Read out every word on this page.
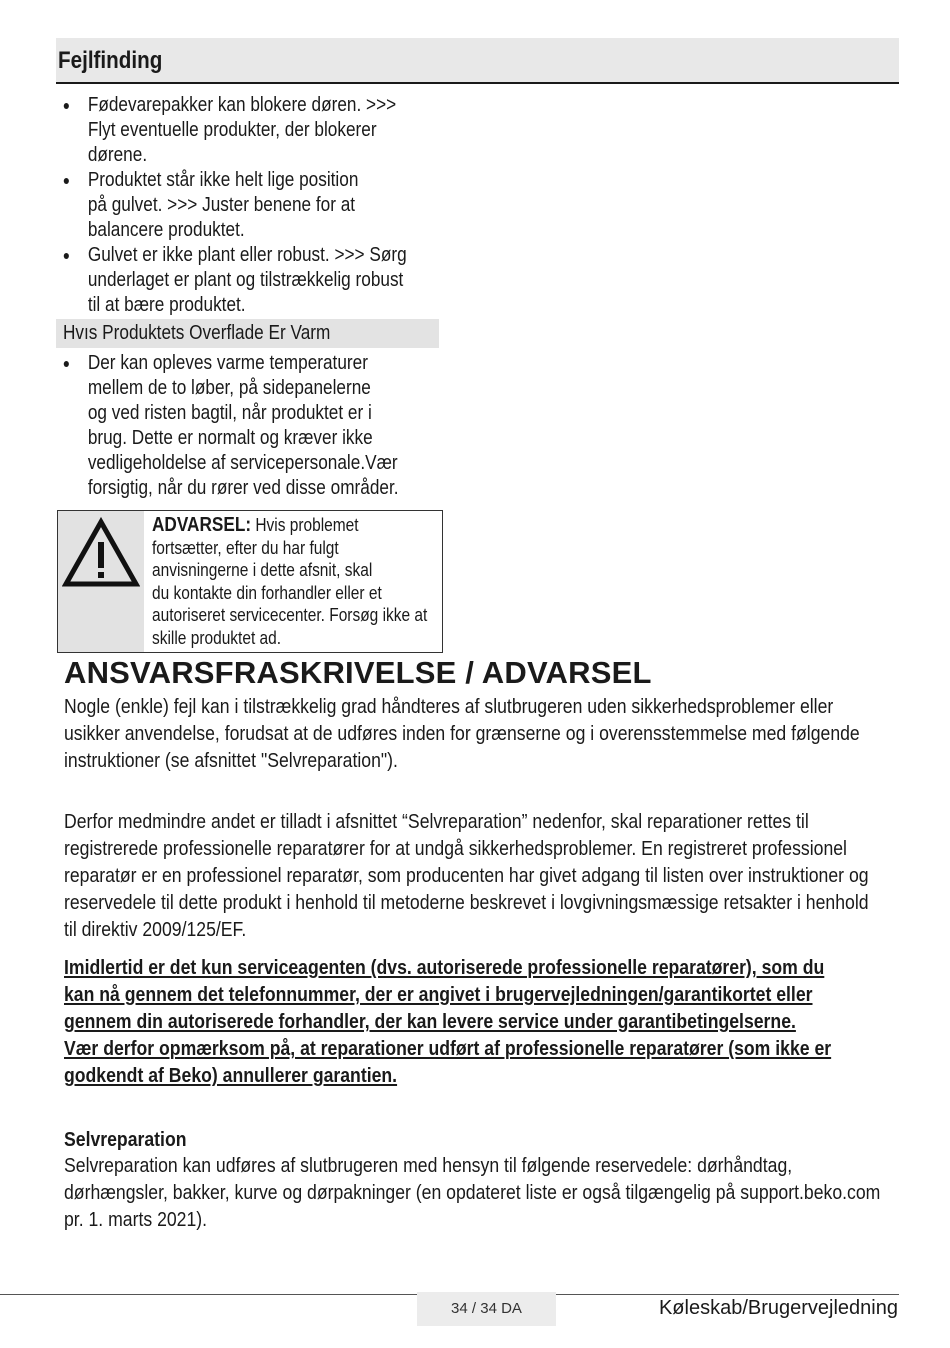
Fejlfinding
Fødevarepakker kan blokere døren. >>>
Flyt eventuelle produkter, der blokerer
dørene.
Produktet står ikke helt lige position
på gulvet. >>> Juster benene for at
balancere produktet.
Gulvet er ikke plant eller robust. >>> Sørg
underlaget er plant og tilstrækkelig robust
til at bære produktet.
Hvıs Produktets Overflade Er Varm
Der kan opleves varme temperaturer
mellem de to løber, på sidepanelerne
og ved risten bagtil, når produktet er i
brug. Dette er normalt og kræver ikke
vedligeholdelse af servicepersonale.Vær
forsigtig, når du rører ved disse områder.
ADVARSEL: Hvis problemet
fortsætter, efter du har fulgt
anvisningerne i dette afsnit, skal
du kontakte din forhandler eller et
autoriseret servicecenter. Forsøg ikke at
skille produktet ad.
ANSVARSFRASKRIVELSE / ADVARSEL
Nogle (enkle) fejl kan i tilstrækkelig grad håndteres af slutbrugeren uden sikkerhedsproblemer eller
usikker anvendelse, forudsat at de udføres inden for grænserne og i overensstemmelse med følgende
instruktioner (se afsnittet "Selvreparation").
Derfor medmindre andet er tilladt i afsnittet “Selvreparation” nedenfor, skal reparationer rettes til
registrerede professionelle reparatører for at undgå sikkerhedsproblemer. En registreret professionel
reparatør er en professionel reparatør, som producenten har givet adgang til listen over instruktioner og
reservedele til dette produkt i henhold til metoderne beskrevet i lovgivningsmæssige retsakter i henhold
til direktiv 2009/125/EF.
Imidlertid er det kun serviceagenten (dvs. autoriserede professionelle reparatører), som du
kan nå gennem det telefonnummer, der er angivet i brugervejledningen/garantikortet eller
gennem din autoriserede forhandler, der kan levere service under garantibetingelserne.
Vær derfor opmærksom på, at reparationer udført af professionelle reparatører (som ikke er
godkendt af Beko) annullerer garantien.
Selvreparation
Selvreparation kan udføres af slutbrugeren med hensyn til følgende reservedele: dørhåndtag,
dørhængsler, bakker, kurve og dørpakninger (en opdateret liste er også tilgængelig på support.beko.com
pr. 1. marts 2021).
34 / 34 DA	Køleskab/Brugervejledning
